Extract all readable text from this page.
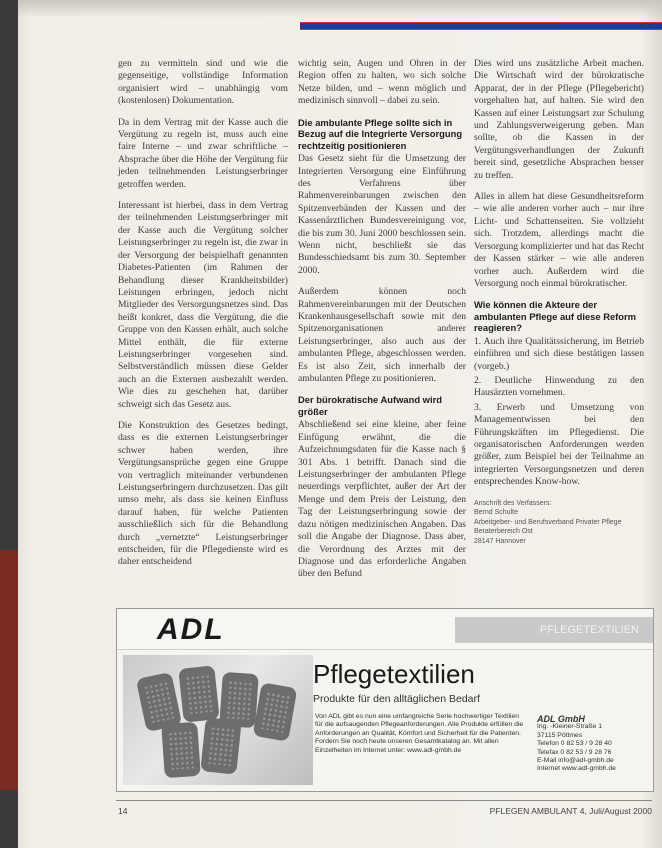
gen zu vermitteln sind und wie die gegenseitige, vollständige Information organisiert wird – unabhängig vom (kostenlosen) Dokumentation.

Da in dem Vertrag mit der Kasse auch die Vergütung zu regeln ist, muss auch eine faire Interne – und zwar schriftliche – Absprache über die Höhe der Vergütung für jeden teilnehmenden Leistungserbringer getroffen werden.

Interessant ist hierbei, dass in dem Vertrag der teilnehmenden Leistungserbringer mit der Kasse auch die Vergütung solcher Leistungserbringer zu regeln ist, die zwar in der Versorgung der beispielhaft genannten Diabetes-Patienten (im Rahmen der Behandlung dieser Krankheitsbilder) Leistungen erbringen, jedoch nicht Mitglieder des Versorgungsnetzes sind. Das heißt konkret, dass die Vergütung, die die Gruppe von den Kassen erhält, auch solche Mittel enthält, die für externe Leistungserbringer vorgesehen sind. Selbstverständlich müssen diese Gelder auch an die Externen ausbezahlt werden. Wie dies zu geschehen hat, darüber schweigt sich das Gesetz aus.

Die Konstruktion des Gesetzes bedingt, dass es die externen Leistungserbringer schwer haben werden, ihre Vergütungsansprüche gegen eine Gruppe von vertraglich miteinander verbundenen Leistungserbringern durchzusetzen. Das gilt umso mehr, als dass sie keinen Einfluss darauf haben, für welche Patienten ausschließlich sich für die Behandlung durch „vernetzte“ Leistungserbringer entscheiden, für die Pflegedienste wird es daher entscheidend

wichtig sein, Augen und Ohren in der Region offen zu halten, wo sich solche Netze bilden, und – wenn möglich und medizinisch sinnvoll – dabei zu sein.

Die ambulante Pflege sollte sich in Bezug auf die Integrierte Versorgung rechtzeitig positionieren

Das Gesetz sieht für die Umsetzung der Integrierten Versorgung eine Einführung des Verfahrens über Rahmenvereinbarungen zwischen den Spitzenverbänden der Kassen und der Kassenärztlichen Bundesvereinigung vor, die bis zum 30. Juni 2000 beschlossen sein. Wenn nicht, beschließt sie das Bundesschiedsamt bis zum 30. September 2000.

Außerdem können noch Rahmenvereinbarungen mit der Deutschen Krankenhausgesellschaft sowie mit den Spitzenorganisationen anderer Leistungserbringer, also auch aus der ambulanten Pflege, abgeschlossen werden. Es ist also Zeit, sich innerhalb der ambulanten Pflege zu positionieren.

Der bürokratische Aufwand wird größer

Abschließend sei eine kleine, aber feine Einfügung erwähnt, die die Aufzeichnungsdaten für die Kasse nach § 301 Abs. 1 betrifft. Danach sind die Leistungserbringer der ambulanten Pflege neuerdings verpflichtet, außer der Art der Menge und dem Preis der Leistung, den Tag der Leistungserbringung sowie der dazu nötigen medizinischen Angaben. Das soll die Angabe der Diagnose. Dass aber, die Verordnung des Arztes mit der Diagnose und das erforderliche Angaben über den Befund

Dies wird uns zusätzliche Arbeit machen. Die Wirtschaft wird der bürokratische Apparat, der in der Pflege (Pflegebericht) vorgehalten hat, auf halten. Sie wird den Kassen auf einer Leistungsart zur Schulung und Zahlungsverweigerung geben. Man sollte, ob die Kassen in der Vergütungsverhandlungen der Zukunft bereit sind, gesetzliche Absprachen besser zu treffen.

Alles in allem hat diese Gesundheitsreform – wie alle anderen vorher auch – nur ihre Licht- und Schattenseiten. Sie vollzieht sich. Trotzdem, allerdings macht die Versorgung komplizierter und hat das Recht der Kassen stärker – wie alle anderen vorher auch. Außerdem wird die Versorgung noch einmal bürokratischer.

Wie können die Akteure der ambulanten Pflege auf diese Reform reagieren?

1. Auch ihre Qualitätssicherung, im Betrieb einführen und sich diese bestätigen lassen (vorgeb.)

2. Deutliche Hinwendung zu den Hausärzten vornehmen.

3. Erwerb und Umsetzung von Managementwissen bei den Führungskräften im Pflegedienst. Die organisatorischen Anforderungen werden größer, zum Beispiel bei der Teilnahme an integrierten Versorgungsnetzen und deren entsprechendes Know-how.

Anschrift des Verfassers:
Bernd Schulte
Arbeitgeber- und Berufsverband Privater Pflege
Beraterbereich Ost
28147 Hannover
ADL	PFLEGETEXTILIEN
Pflegetextilien
Produkte für den alltäglichen Bedarf
Von ADL gibt es nun eine umfangreiche Serie hochwertiger Textilien für die aufsaugenden Pflegeanforderungen. Alle Produkte erfüllen die Anforderungen an Qualität, Komfort und Sicherheit für die Patienten. Fordern Sie noch heute unseren Gesamtkatalog an. Mit allen Einzelheiten im Internet unter: www.adl-gmbh.de
ADL GmbH
Ing. -Kleiner-Straße 1
37115 Pöttmes
Telefon 0 82 53 / 9 28 40
Telefax 0 82 53 / 9 28 76
E-Mail info@adl-gmbh.de
Internet www.adl-gmbh.de
14	PFLEGEN AMBULANT 4, Juli/August 2000
